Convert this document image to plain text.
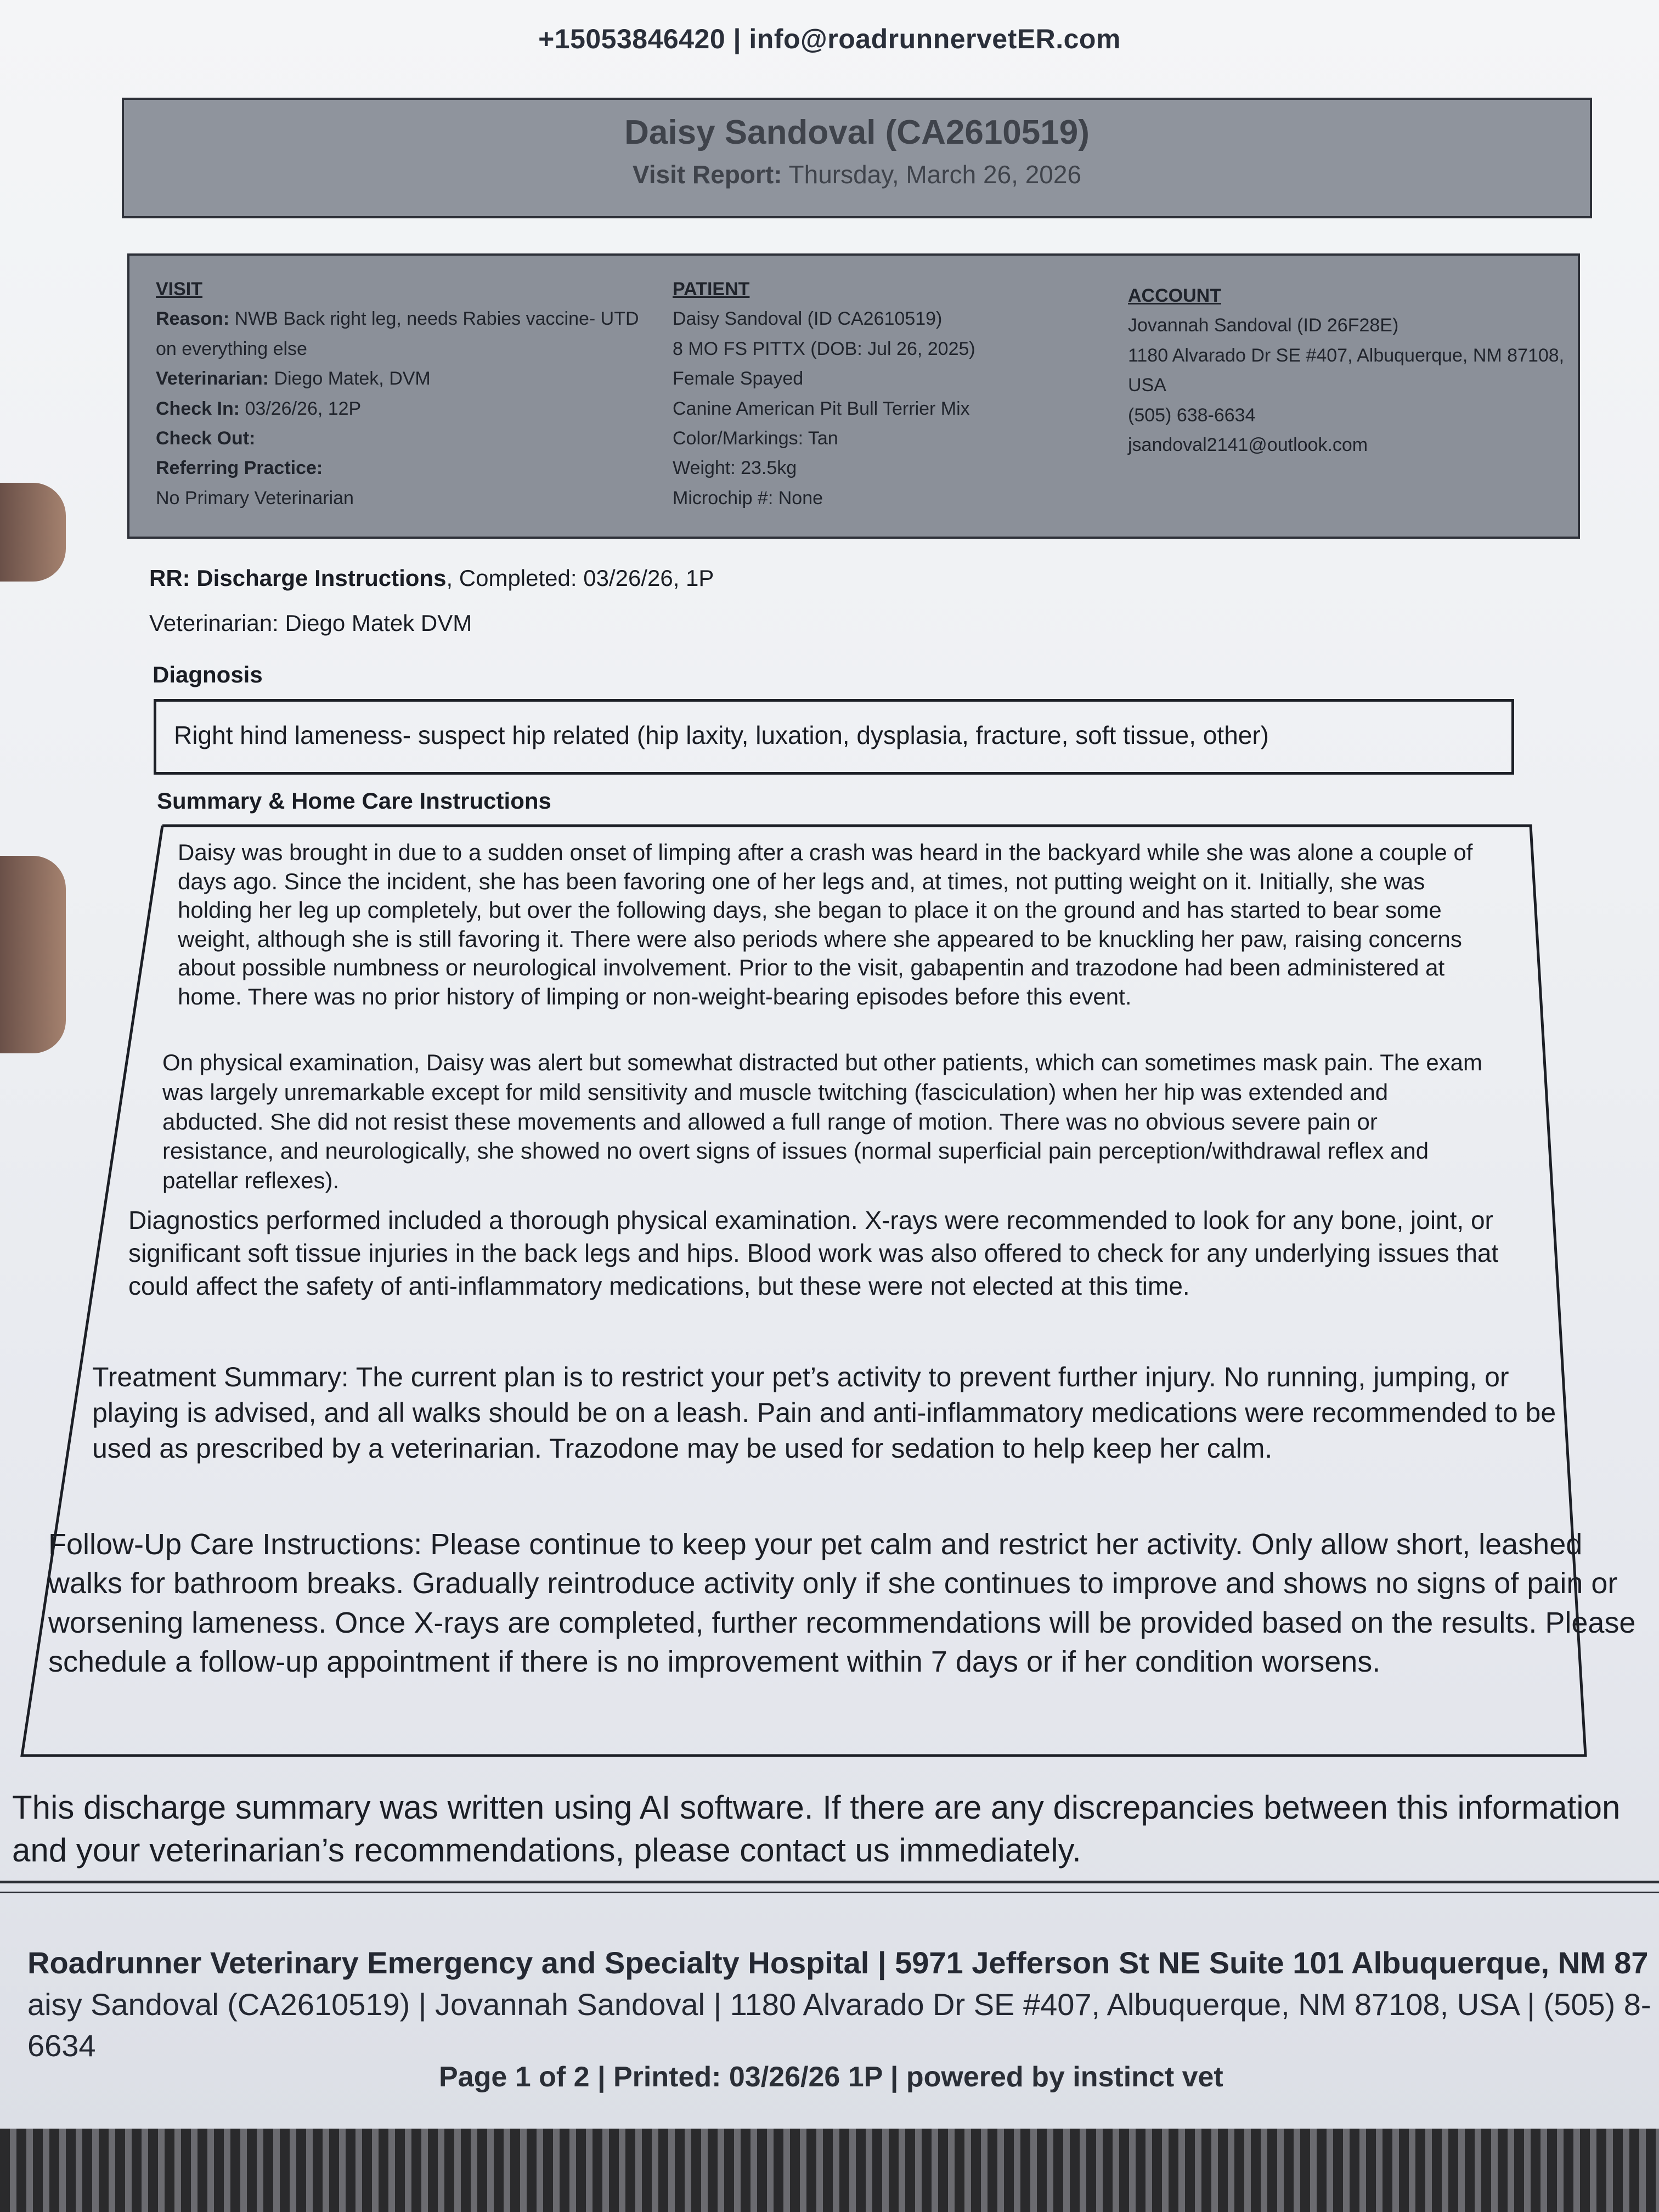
+15053846420 | info@roadrunnervetER.com
Daisy Sandoval (CA2610519)
Visit Report: Thursday, March 26, 2026
VISIT
Reason: NWB Back right leg, needs Rabies vaccine- UTD on everything else
Veterinarian: Diego Matek, DVM
Check In: 03/26/26, 12P
Check Out:
Referring Practice:
No Primary Veterinarian
PATIENT
Daisy Sandoval (ID CA2610519)
8 MO FS PITTX (DOB: Jul 26, 2025)
Female Spayed
Canine American Pit Bull Terrier Mix
Color/Markings: Tan
Weight: 23.5kg
Microchip #: None
ACCOUNT
Jovannah Sandoval (ID 26F28E)
1180 Alvarado Dr SE #407, Albuquerque, NM 87108, USA
(505) 638-6634
jsandoval2141@outlook.com
RR: Discharge Instructions, Completed: 03/26/26, 1P
Veterinarian: Diego Matek DVM
Diagnosis
Right hind lameness- suspect hip related (hip laxity, luxation, dysplasia, fracture, soft tissue, other)
Summary & Home Care Instructions
Daisy was brought in due to a sudden onset of limping after a crash was heard in the backyard while she was alone a couple of days ago. Since the incident, she has been favoring one of her legs and, at times, not putting weight on it. Initially, she was holding her leg up completely, but over the following days, she began to place it on the ground and has started to bear some weight, although she is still favoring it. There were also periods where she appeared to be knuckling her paw, raising concerns about possible numbness or neurological involvement. Prior to the visit, gabapentin and trazodone had been administered at home. There was no prior history of limping or non-weight-bearing episodes before this event.
On physical examination, Daisy was alert but somewhat distracted but other patients, which can sometimes mask pain. The exam was largely unremarkable except for mild sensitivity and muscle twitching (fasciculation) when her hip was extended and abducted. She did not resist these movements and allowed a full range of motion. There was no obvious severe pain or resistance, and neurologically, she showed no overt signs of issues (normal superficial pain perception/withdrawal reflex and patellar reflexes).
Diagnostics performed included a thorough physical examination. X-rays were recommended to look for any bone, joint, or significant soft tissue injuries in the back legs and hips. Blood work was also offered to check for any underlying issues that could affect the safety of anti-inflammatory medications, but these were not elected at this time.
Treatment Summary: The current plan is to restrict your pet’s activity to prevent further injury. No running, jumping, or playing is advised, and all walks should be on a leash. Pain and anti-inflammatory medications were recommended to be used as prescribed by a veterinarian. Trazodone may be used for sedation to help keep her calm.
Follow-Up Care Instructions: Please continue to keep your pet calm and restrict her activity. Only allow short, leashed walks for bathroom breaks. Gradually reintroduce activity only if she continues to improve and shows no signs of pain or worsening lameness. Once X-rays are completed, further recommendations will be provided based on the results. Please schedule a follow-up appointment if there is no improvement within 7 days or if her condition worsens.
This discharge summary was written using AI software. If there are any discrepancies between this information and your veterinarian’s recommendations, please contact us immediately.
Roadrunner Veterinary Emergency and Specialty Hospital | 5971 Jefferson St NE Suite 101 Albuquerque, NM 87
aisy Sandoval (CA2610519) | Jovannah Sandoval | 1180 Alvarado Dr SE #407, Albuquerque, NM 87108, USA | (505) 8-6634
Page 1 of 2 | Printed: 03/26/26 1P | powered by instinct vet
